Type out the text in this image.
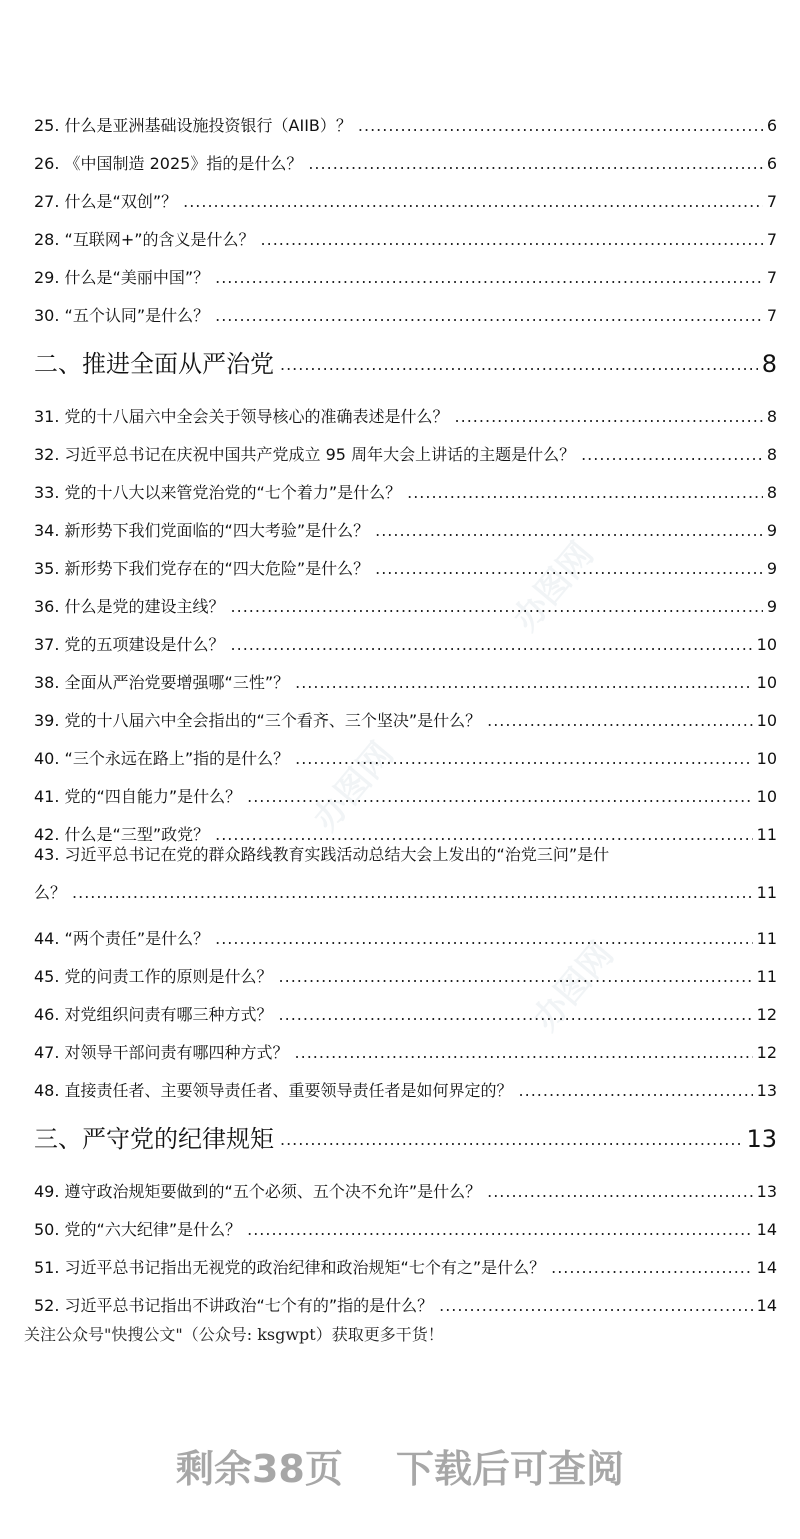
办图网
办图网
办图网
25. 什么是亚洲基础设施投资银行（AIIB）？ .....	6
26. 《中国制造 2025》指的是什么？ .....	6
27. 什么是“双创”？ .....	7
28. “互联网+”的含义是什么？ .....	7
29. 什么是“美丽中国”？ .....	7
30. “五个认同”是什么？ .....	7
二、推进全面从严治党 .....	8
31. 党的十八届六中全会关于领导核心的准确表述是什么？ .....	8
32. 习近平总书记在庆祝中国共产党成立 95 周年大会上讲话的主题是什么？ .....	8
33. 党的十八大以来管党治党的“七个着力”是什么？ .....	8
34. 新形势下我们党面临的“四大考验”是什么？ .....	9
35. 新形势下我们党存在的“四大危险”是什么？ .....	9
36. 什么是党的建设主线？ .....	9
37. 党的五项建设是什么？ .....	10
38. 全面从严治党要增强哪“三性”？ .....	10
39. 党的十八届六中全会指出的“三个看齐、三个坚决”是什么？ .....	10
40. “三个永远在路上”指的是什么？ .....	10
41. 党的“四自能力”是什么？ .....	10
42. 什么是“三型”政党？ .....	11
43. 习近平总书记在党的群众路线教育实践活动总结大会上发出的“治党三问”是什
么？ .....	11
44. “两个责任”是什么？ .....	11
45. 党的问责工作的原则是什么？ .....	11
46. 对党组织问责有哪三种方式？ .....	12
47. 对领导干部问责有哪四种方式？ .....	12
48. 直接责任者、主要领导责任者、重要领导责任者是如何界定的？ .....	13
三、严守党的纪律规矩 .....	13
49. 遵守政治规矩要做到的“五个必须、五个决不允许”是什么？ .....	13
50. 党的“六大纪律”是什么？ .....	14
51. 习近平总书记指出无视党的政治纪律和政治规矩“七个有之”是什么？ .....	14
52. 习近平总书记指出不讲政治“七个有的”指的是什么？ .....	14
关注公众号"快搜公文"（公众号: ksgwpt）获取更多干货！
剩余38页 下载后可查阅
